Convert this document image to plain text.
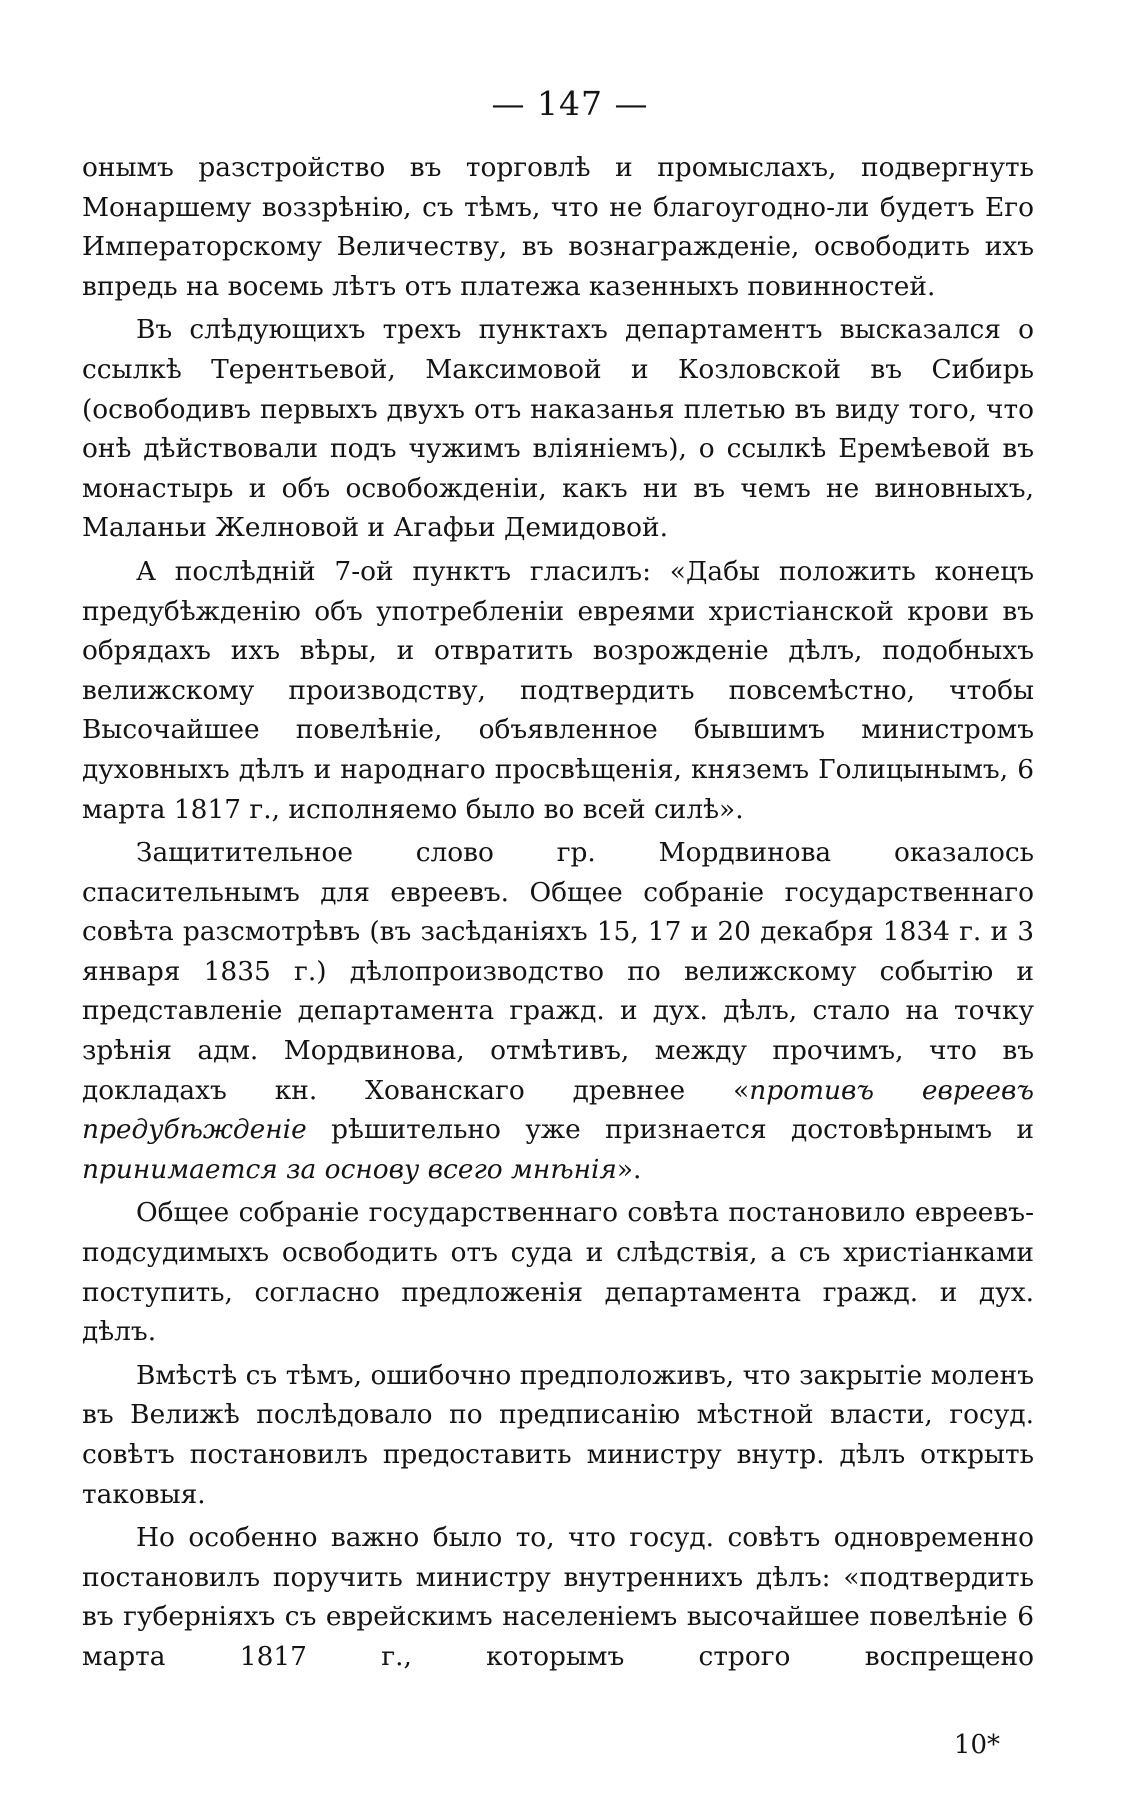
— 147 —

онымъ разстройство въ торговлѣ и промыслахъ, подвергнуть Монаршему воззрѣнію, съ тѣмъ, что не благоугодно-ли будетъ Его Императорскому Величеству, въ вознагражденіе, освободить ихъ впредь на восемь лѣтъ отъ платежа казенныхъ повинностей.

Въ слѣдующихъ трехъ пунктахъ департаментъ высказался о ссылкѣ Терентьевой, Максимовой и Козловской въ Сибирь (освободивъ первыхъ двухъ отъ наказанья плетью въ виду того, что онѣ дѣйствовали подъ чужимъ вліяніемъ), о ссылкѣ Еремѣевой въ монастырь и объ освобожденіи, какъ ни въ чемъ не виновныхъ, Маланьи Желновой и Агафьи Демидовой.

А послѣдній 7-ой пунктъ гласилъ: «Дабы положить конецъ предубѣжденію объ употребленіи евреями христіанской крови въ обрядахъ ихъ вѣры, и отвратить возрожденіе дѣлъ, подобныхъ велижскому производству, подтвердить повсемѣстно, чтобы Высочайшее повелѣніе, объявленное бывшимъ министромъ духовныхъ дѣлъ и народнаго просвѣщенія, княземъ Голицынымъ, 6 марта 1817 г., исполняемо было во всей силѣ».

Защитительное слово гр. Мордвинова оказалось спасительнымъ для евреевъ. Общее собраніе государственнаго совѣта разсмотрѣвъ (въ засѣданіяхъ 15, 17 и 20 декабря 1834 г. и 3 января 1835 г.) дѣлопроизводство по велижскому событію и представленіе департамента гражд. и дух. дѣлъ, стало на точку зрѣнія адм. Мордвинова, отмѣтивъ, между прочимъ, что въ докладахъ кн. Хованскаго древнее «противъ евреевъ предубѣжденіе рѣшительно уже признается достовѣрнымъ и принимается за основу всего мнѣнія».

Общее собраніе государственнаго совѣта постановило евреевъ-подсудимыхъ освободить отъ суда и слѣдствія, а съ христіанками поступить, согласно предложенія департамента гражд. и дух. дѣлъ.

Вмѣстѣ съ тѣмъ, ошибочно предположивъ, что закрытіе моленъ въ Велижѣ послѣдовало по предписанію мѣстной власти, госуд. совѣтъ постановилъ предоставить министру внутр. дѣлъ открыть таковыя.

Но особенно важно было то, что госуд. совѣтъ одновременно постановилъ поручить министру внутреннихъ дѣлъ: «подтвердить въ губерніяхъ съ еврейскимъ населеніемъ высочайшее повелѣніе 6 марта 1817 г., которымъ строго воспрещено

10*
